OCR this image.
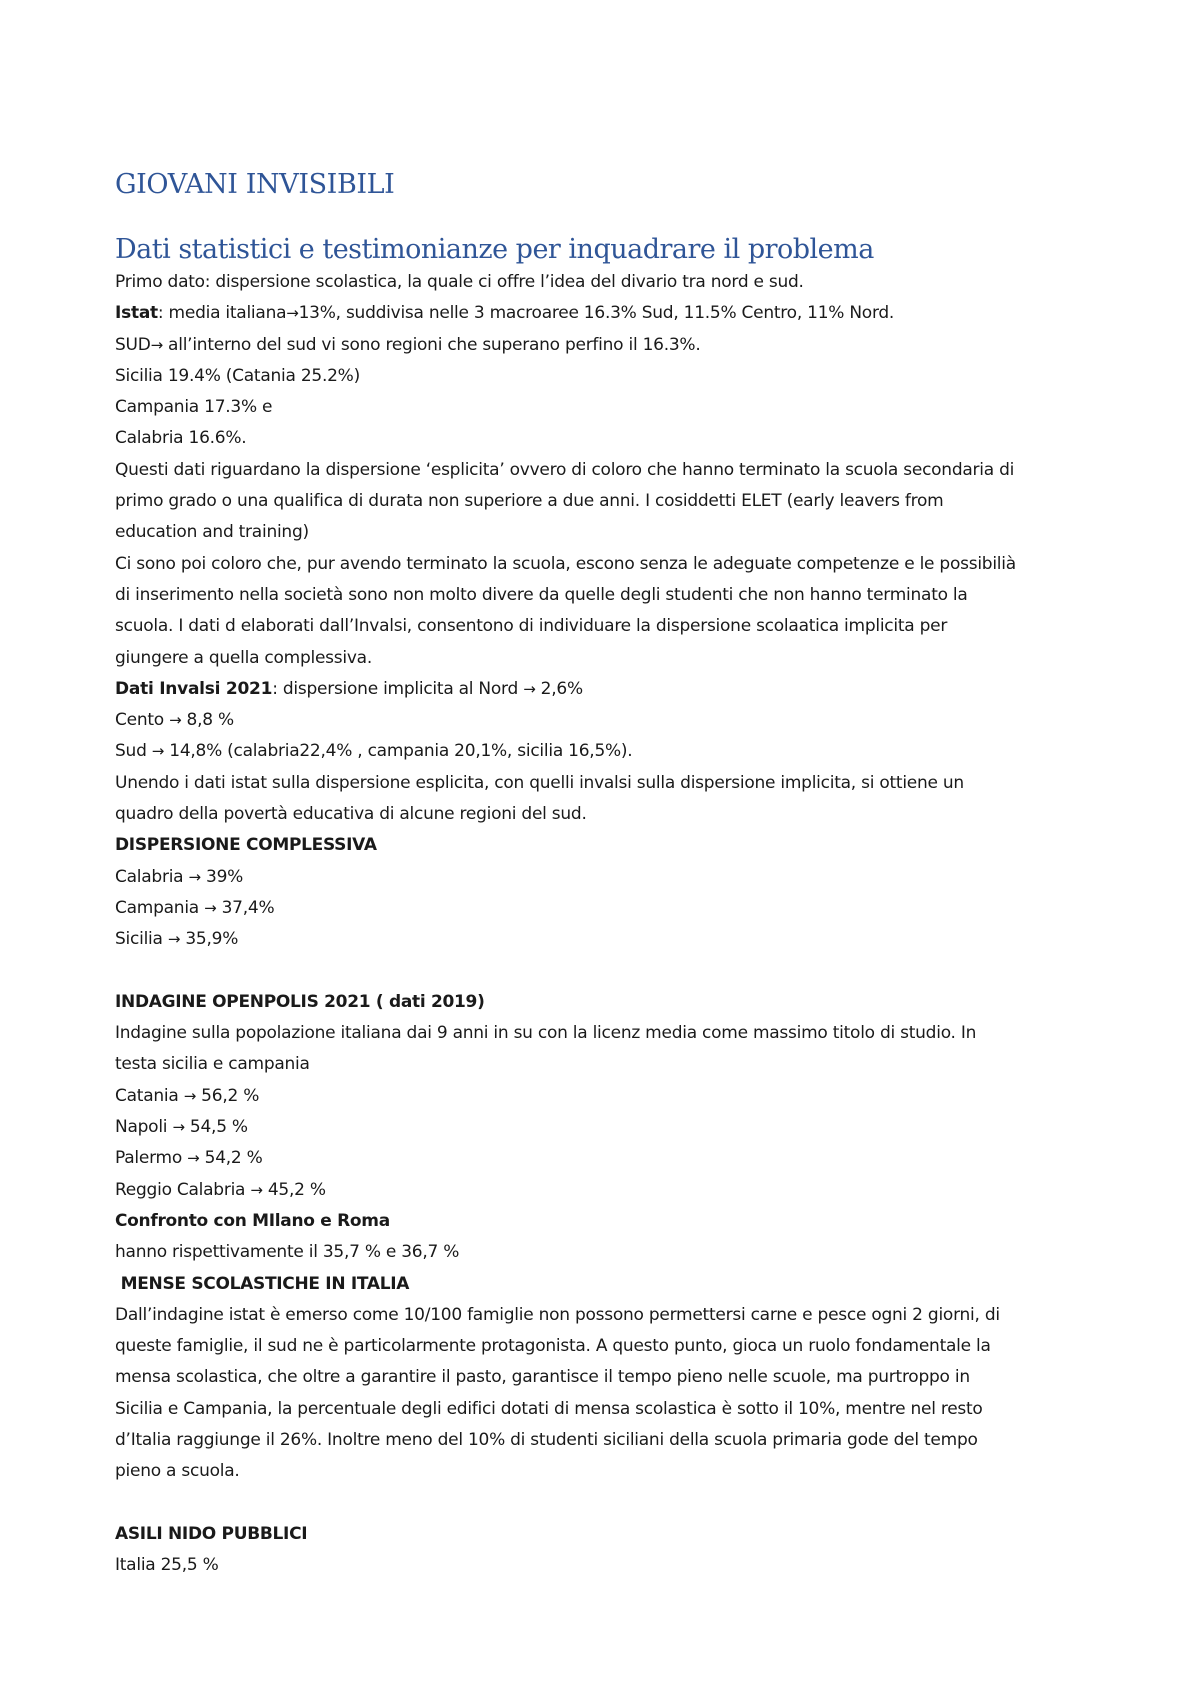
GIOVANI INVISIBILI
Dati statistici e testimonianze per inquadrare il problema
Primo dato: dispersione scolastica, la quale ci offre l’idea del divario tra nord e sud.
Istat: media italiana→13%, suddivisa nelle 3 macroaree 16.3% Sud, 11.5% Centro, 11% Nord.
SUD→ all’interno del sud vi sono regioni che superano perfino il 16.3%.
Sicilia 19.4% (Catania 25.2%)
Campania 17.3% e
Calabria 16.6%.
Questi dati riguardano la dispersione ‘esplicita’ ovvero di coloro che hanno terminato la scuola secondaria di
primo grado o una qualifica di durata non superiore a due anni. I cosiddetti ELET (early leavers from
education and training)
Ci sono poi coloro che, pur avendo terminato la scuola, escono senza le adeguate competenze e le possibilià
di inserimento nella società sono non molto divere da quelle degli studenti che non hanno terminato la
scuola. I dati d elaborati dall’Invalsi, consentono di individuare la dispersione scolaatica implicita per
giungere a quella complessiva.
Dati Invalsi 2021: dispersione implicita al Nord → 2,6%
Cento → 8,8 %
Sud → 14,8% (calabria22,4% , campania 20,1%, sicilia 16,5%).
Unendo i dati istat sulla dispersione esplicita, con quelli invalsi sulla dispersione implicita, si ottiene un
quadro della povertà educativa di alcune regioni del sud.
DISPERSIONE COMPLESSIVA
Calabria → 39%
Campania → 37,4%
Sicilia → 35,9%
INDAGINE OPENPOLIS 2021 ( dati 2019)
Indagine sulla popolazione italiana dai 9 anni in su con la licenz media come massimo titolo di studio. In
testa sicilia e campania
Catania → 56,2 %
Napoli → 54,5 %
Palermo → 54,2 %
Reggio Calabria → 45,2 %
Confronto con MIlano e Roma
hanno rispettivamente il 35,7 % e 36,7 %
MENSE SCOLASTICHE IN ITALIA
Dall’indagine istat è emerso come 10/100 famiglie non possono permettersi carne e pesce ogni 2 giorni, di
queste famiglie, il sud ne è particolarmente protagonista. A questo punto, gioca un ruolo fondamentale la
mensa scolastica, che oltre a garantire il pasto, garantisce il tempo pieno nelle scuole, ma purtroppo in
Sicilia e Campania, la percentuale degli edifici dotati di mensa scolastica è sotto il 10%, mentre nel resto
d’Italia raggiunge il 26%. Inoltre meno del 10% di studenti siciliani della scuola primaria gode del tempo
pieno a scuola.
ASILI NIDO PUBBLICI
Italia 25,5 %
